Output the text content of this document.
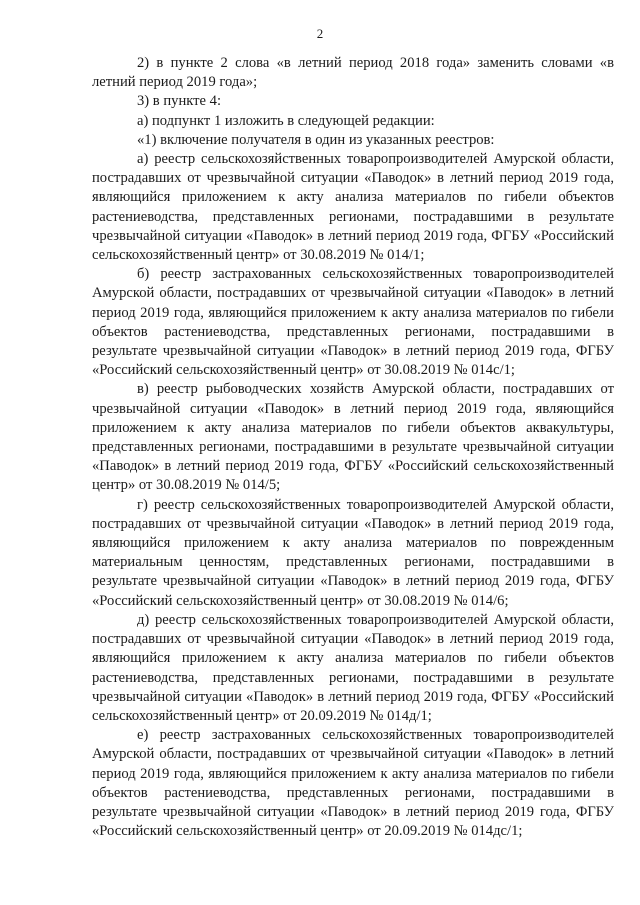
2

2) в пункте 2 слова «в летний период 2018 года» заменить словами «в летний период 2019 года»;

3) в пункте 4:

а) подпункт 1 изложить в следующей редакции:

«1) включение получателя в один из указанных реестров:

а) реестр сельскохозяйственных товаропроизводителей Амурской области, пострадавших от чрезвычайной ситуации «Паводок» в летний период 2019 года, являющийся приложением к акту анализа материалов по гибели объектов растениеводства, представленных регионами, пострадавшими в результате чрезвычайной ситуации «Паводок» в летний период 2019 года, ФГБУ «Российский сельскохозяйственный центр» от 30.08.2019 № 014/1;

б) реестр застрахованных сельскохозяйственных товаропроизводителей Амурской области, пострадавших от чрезвычайной ситуации «Паводок» в летний период 2019 года, являющийся приложением к акту анализа материалов по гибели объектов растениеводства, представленных регионами, пострадавшими в результате чрезвычайной ситуации «Паводок» в летний период 2019 года, ФГБУ «Российский сельскохозяйственный центр» от 30.08.2019 № 014с/1;

в) реестр рыбоводческих хозяйств Амурской области, пострадавших от чрезвычайной ситуации «Паводок» в летний период 2019 года, являющийся приложением к акту анализа материалов по гибели объектов аквакультуры, представленных регионами, пострадавшими в результате чрезвычайной ситуации «Паводок» в летний период 2019 года, ФГБУ «Российский сельскохозяйственный центр» от 30.08.2019 № 014/5;

г) реестр сельскохозяйственных товаропроизводителей Амурской области, пострадавших от чрезвычайной ситуации «Паводок» в летний период 2019 года, являющийся приложением к акту анализа материалов по поврежденным материальным ценностям, представленных регионами, пострадавшими в результате чрезвычайной ситуации «Паводок» в летний период 2019 года, ФГБУ «Российский сельскохозяйственный центр» от 30.08.2019 № 014/6;

д) реестр сельскохозяйственных товаропроизводителей Амурской области, пострадавших от чрезвычайной ситуации «Паводок» в летний период 2019 года, являющийся приложением к акту анализа материалов по гибели объектов растениеводства, представленных регионами, пострадавшими в результате чрезвычайной ситуации «Паводок» в летний период 2019 года, ФГБУ «Российский сельскохозяйственный центр» от 20.09.2019 № 014д/1;

е) реестр застрахованных сельскохозяйственных товаропроизводителей Амурской области, пострадавших от чрезвычайной ситуации «Паводок» в летний период 2019 года, являющийся приложением к акту анализа материалов по гибели объектов растениеводства, представленных регионами, пострадавшими в результате чрезвычайной ситуации «Паводок» в летний период 2019 года, ФГБУ «Российский сельскохозяйственный центр» от 20.09.2019 № 014дс/1;
